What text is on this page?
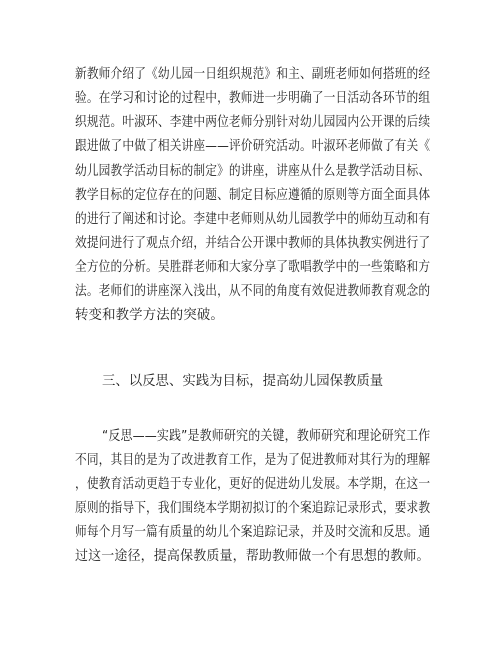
新教师介绍了《幼儿园一日组织规范》和主、副班老师如何搭班的经
验。在学习和讨论的过程中，教师进一步明确了一日活动各环节的组
织规范。叶淑环、李建中两位老师分别针对幼儿园园内公开课的后续
跟进做了中做了相关讲座——评价研究活动。叶淑环老师做了有关《
幼儿园教学活动目标的制定》的讲座，讲座从什么是教学活动目标、
教学目标的定位存在的问题、制定目标应遵循的原则等方面全面具体
的进行了阐述和讨论。李建中老师则从幼儿园教学中的师幼互动和有
效提问进行了观点介绍，并结合公开课中教师的具体执教实例进行了
全方位的分析。吴胜群老师和大家分享了歌唱教学中的一些策略和方
法。老师们的讲座深入浅出，从不同的角度有效促进教师教育观念的
转变和教学方法的突破。
三、以反思、实践为目标，提高幼儿园保教质量
“反思——实践”是教师研究的关键，教师研究和理论研究工作
不同，其目的是为了改进教育工作，是为了促进教师对其行为的理解
，使教育活动更趋于专业化，更好的促进幼儿发展。本学期，在这一
原则的指导下，我们围绕本学期初拟订的个案追踪记录形式，要求教
师每个月写一篇有质量的幼儿个案追踪记录，并及时交流和反思。通
过这一途径，提高保教质量，帮助教师做一个有思想的教师。
